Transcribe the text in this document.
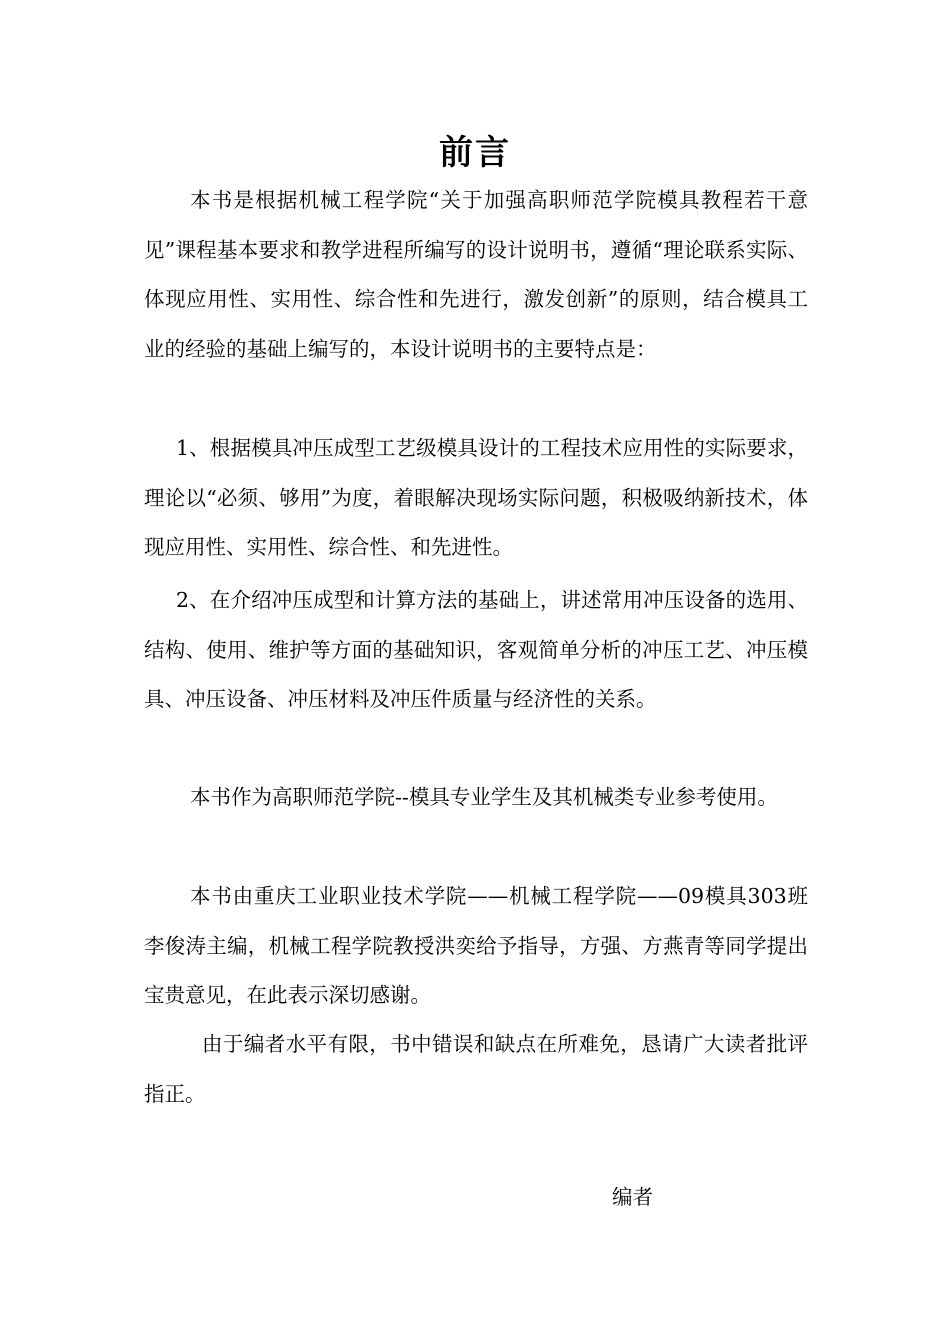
前言

本书是根据机械工程学院“关于加强高职师范学院模具教程若干意见”课程基本要求和教学进程所编写的设计说明书，遵循“理论联系实际、体现应用性、实用性、综合性和先进行，激发创新”的原则，结合模具工业的经验的基础上编写的，本设计说明书的主要特点是：

1、根据模具冲压成型工艺级模具设计的工程技术应用性的实际要求，理论以“必须、够用”为度，着眼解决现场实际问题，积极吸纳新技术，体现应用性、实用性、综合性、和先进性。

2、在介绍冲压成型和计算方法的基础上，讲述常用冲压设备的选用、结构、使用、维护等方面的基础知识，客观简单分析的冲压工艺、冲压模具、冲压设备、冲压材料及冲压件质量与经济性的关系。

本书作为高职师范学院--模具专业学生及其机械类专业参考使用。

本书由重庆工业职业技术学院——机械工程学院——09模具303班李俊涛主编，机械工程学院教授洪奕给予指导，方强、方燕青等同学提出宝贵意见，在此表示深切感谢。

由于编者水平有限，书中错误和缺点在所难免，恳请广大读者批评指正。

编者
